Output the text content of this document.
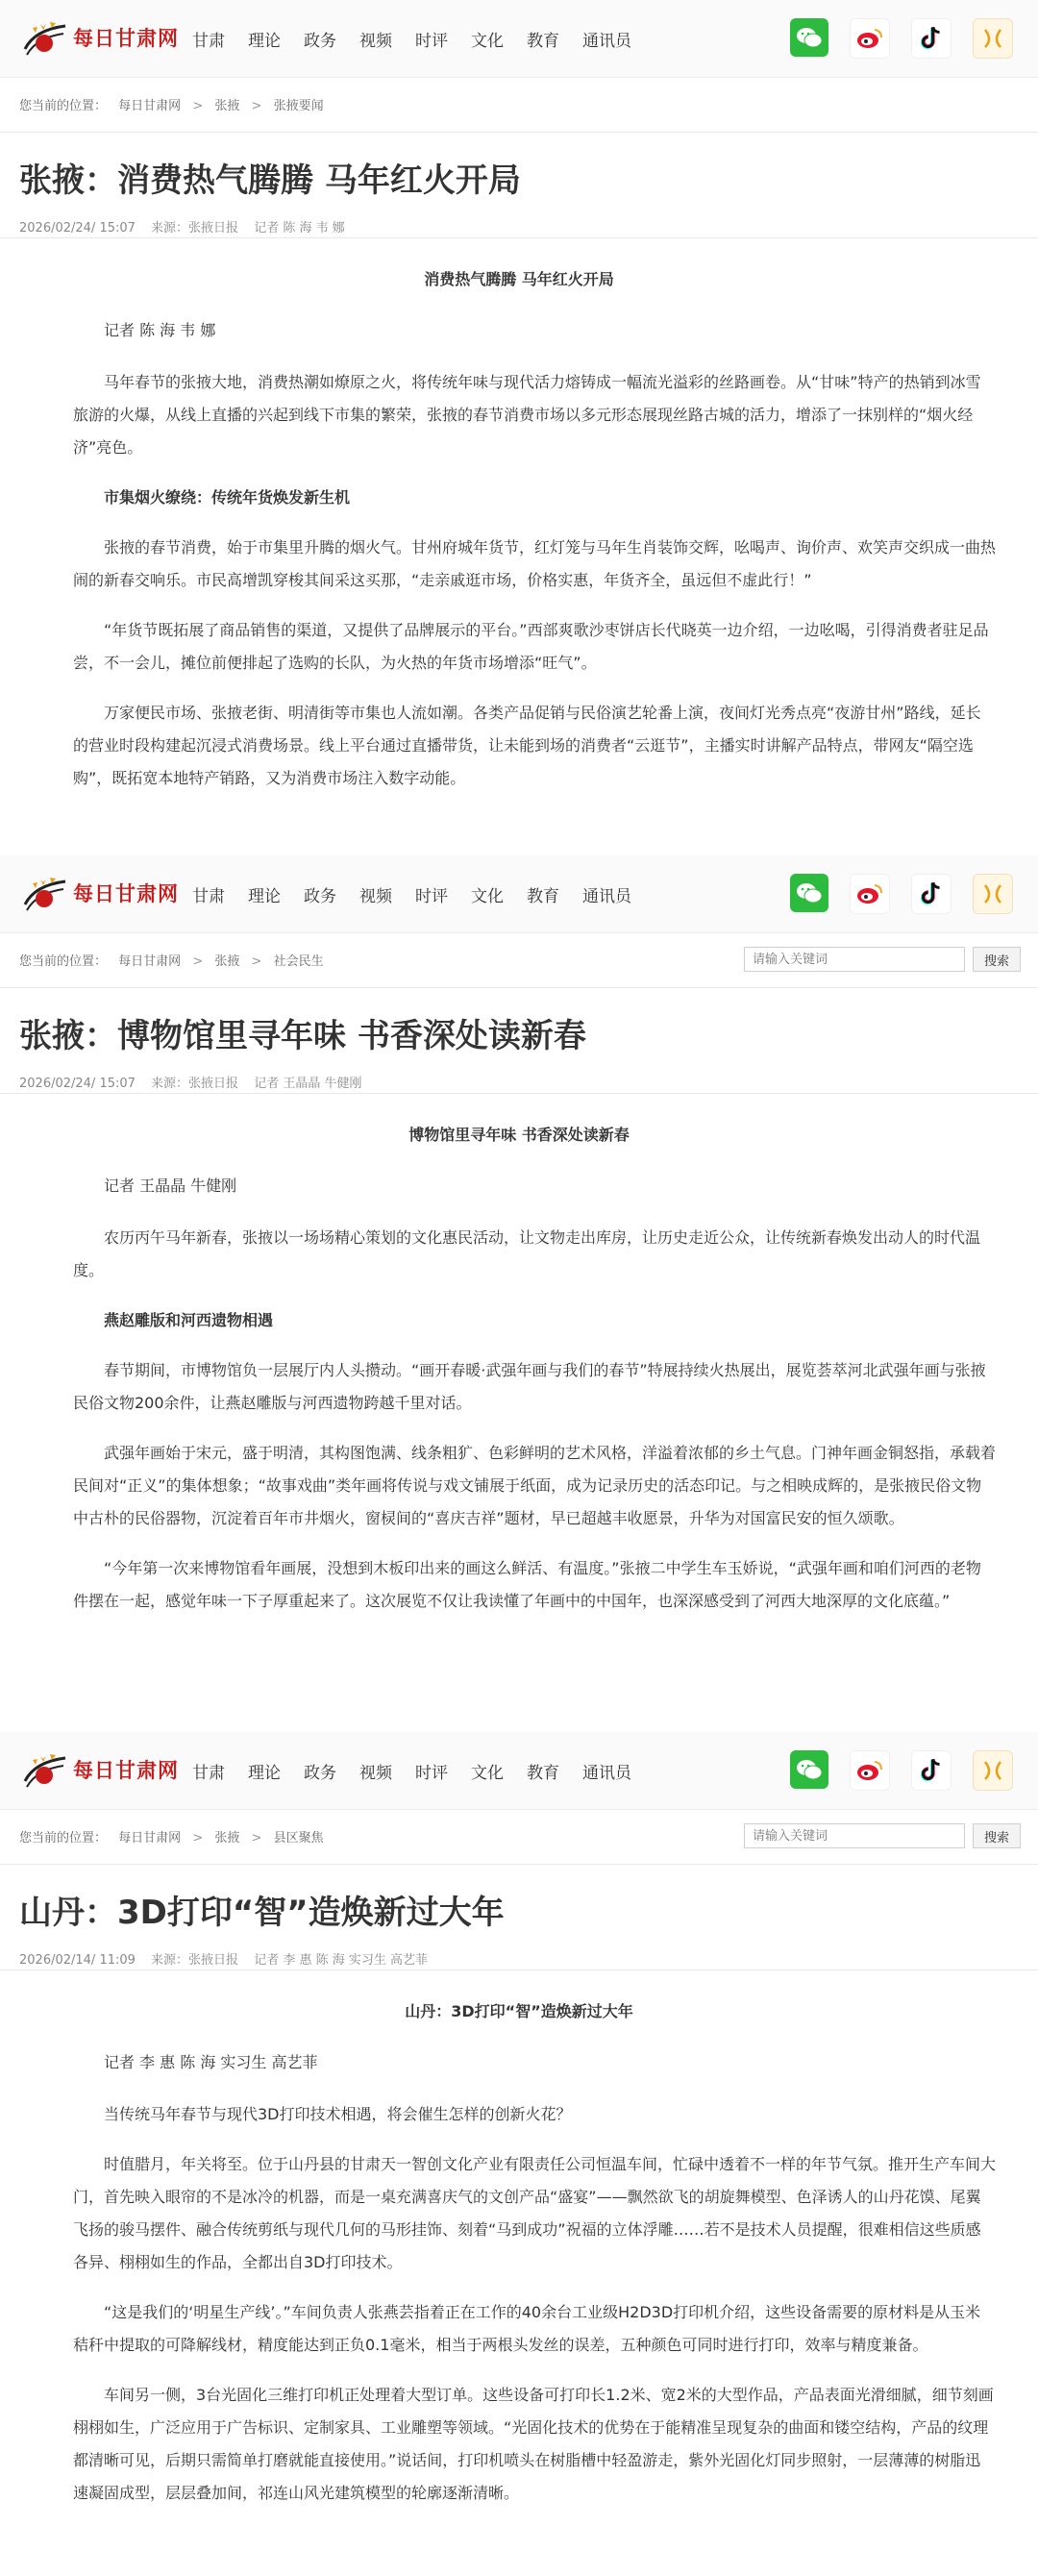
每日甘肃网 甘肃 理论 政务 视频 时评 文化 教育 通讯员
您当前的位置： 每日甘肃网 > 张掖 > 张掖要闻
张掖：消费热气腾腾 马年红火开局
2026/02/24/ 15:07 来源：张掖日报 记者 陈 海 韦 娜
消费热气腾腾 马年红火开局

记者 陈 海 韦 娜

马年春节的张掖大地，消费热潮如燎原之火，将传统年味与现代活力熔铸成一幅流光溢彩的丝路画卷。从“甘味”特产的热销到冰雪旅游的火爆，从线上直播的兴起到线下市集的繁荣，张掖的春节消费市场以多元形态展现丝路古城的活力，增添了一抹别样的“烟火经济”亮色。

市集烟火缭绕：传统年货焕发新生机

张掖的春节消费，始于市集里升腾的烟火气。甘州府城年货节，红灯笼与马年生肖装饰交辉，吆喝声、询价声、欢笑声交织成一曲热闹的新春交响乐。市民高增凯穿梭其间采这买那，“走亲戚逛市场，价格实惠，年货齐全，虽远但不虚此行！”

“年货节既拓展了商品销售的渠道，又提供了品牌展示的平台。”西部爽歌沙枣饼店长代晓英一边介绍，一边吆喝，引得消费者驻足品尝，不一会儿，摊位前便排起了选购的长队，为火热的年货市场增添“旺气”。

万家便民市场、张掖老街、明清街等市集也人流如潮。各类产品促销与民俗演艺轮番上演，夜间灯光秀点亮“夜游甘州”路线，延长的营业时段构建起沉浸式消费场景。线上平台通过直播带货，让未能到场的消费者“云逛节”，主播实时讲解产品特点，带网友“隔空选购”，既拓宽本地特产销路，又为消费市场注入数字动能。

每日甘肃网 甘肃 理论 政务 视频 时评 文化 教育 通讯员
您当前的位置： 每日甘肃网 > 张掖 > 社会民生
请输入关键词	搜索
张掖：博物馆里寻年味 书香深处读新春
2026/02/24/ 15:07 来源：张掖日报 记者 王晶晶 牛健刚
博物馆里寻年味 书香深处读新春

记者 王晶晶 牛健刚

农历丙午马年新春，张掖以一场场精心策划的文化惠民活动，让文物走出库房，让历史走近公众，让传统新春焕发出动人的时代温度。

燕赵雕版和河西遗物相遇

春节期间，市博物馆负一层展厅内人头攒动。“画开春暖·武强年画与我们的春节”特展持续火热展出，展览荟萃河北武强年画与张掖民俗文物200余件，让燕赵雕版与河西遗物跨越千里对话。

武强年画始于宋元，盛于明清，其构图饱满、线条粗犷、色彩鲜明的艺术风格，洋溢着浓郁的乡土气息。门神年画金铜怒指，承载着民间对“正义”的集体想象；“故事戏曲”类年画将传说与戏文铺展于纸面，成为记录历史的活态印记。与之相映成辉的，是张掖民俗文物中古朴的民俗器物，沉淀着百年市井烟火，窗棂间的“喜庆吉祥”题材，早已超越丰收愿景，升华为对国富民安的恒久颂歌。

“今年第一次来博物馆看年画展，没想到木板印出来的画这么鲜活、有温度。”张掖二中学生车玉娇说，“武强年画和咱们河西的老物件摆在一起，感觉年味一下子厚重起来了。这次展览不仅让我读懂了年画中的中国年，也深深感受到了河西大地深厚的文化底蕴。”

每日甘肃网 甘肃 理论 政务 视频 时评 文化 教育 通讯员
您当前的位置： 每日甘肃网 > 张掖 > 县区聚焦
请输入关键词	搜索
山丹：3D打印“智”造焕新过大年
2026/02/14/ 11:09 来源：张掖日报 记者 李 惠 陈 海 实习生 高艺菲
山丹：3D打印“智”造焕新过大年

记者 李 惠 陈 海 实习生 高艺菲

当传统马年春节与现代3D打印技术相遇，将会催生怎样的创新火花？

时值腊月，年关将至。位于山丹县的甘肃天一智创文化产业有限责任公司恒温车间，忙碌中透着不一样的年节气氛。推开生产车间大门，首先映入眼帘的不是冰冷的机器，而是一桌充满喜庆气的文创产品“盛宴”——飘然欲飞的胡旋舞模型、色泽诱人的山丹花馍、尾翼飞扬的骏马摆件、融合传统剪纸与现代几何的马形挂饰、刻着“马到成功”祝福的立体浮雕……若不是技术人员提醒，很难相信这些质感各异、栩栩如生的作品，全都出自3D打印技术。

“这是我们的‘明星生产线’。”车间负责人张燕芸指着正在工作的40余台工业级H2D3D打印机介绍，这些设备需要的原材料是从玉米秸秆中提取的可降解线材，精度能达到正负0.1毫米，相当于两根头发丝的误差，五种颜色可同时进行打印，效率与精度兼备。

车间另一侧，3台光固化三维打印机正处理着大型订单。这些设备可打印长1.2米、宽2米的大型作品，产品表面光滑细腻，细节刻画栩栩如生，广泛应用于广告标识、定制家具、工业雕塑等领域。“光固化技术的优势在于能精准呈现复杂的曲面和镂空结构，产品的纹理都清晰可见，后期只需简单打磨就能直接使用。”说话间，打印机喷头在树脂槽中轻盈游走，紫外光固化灯同步照射，一层薄薄的树脂迅速凝固成型，层层叠加间，祁连山风光建筑模型的轮廓逐渐清晰。
